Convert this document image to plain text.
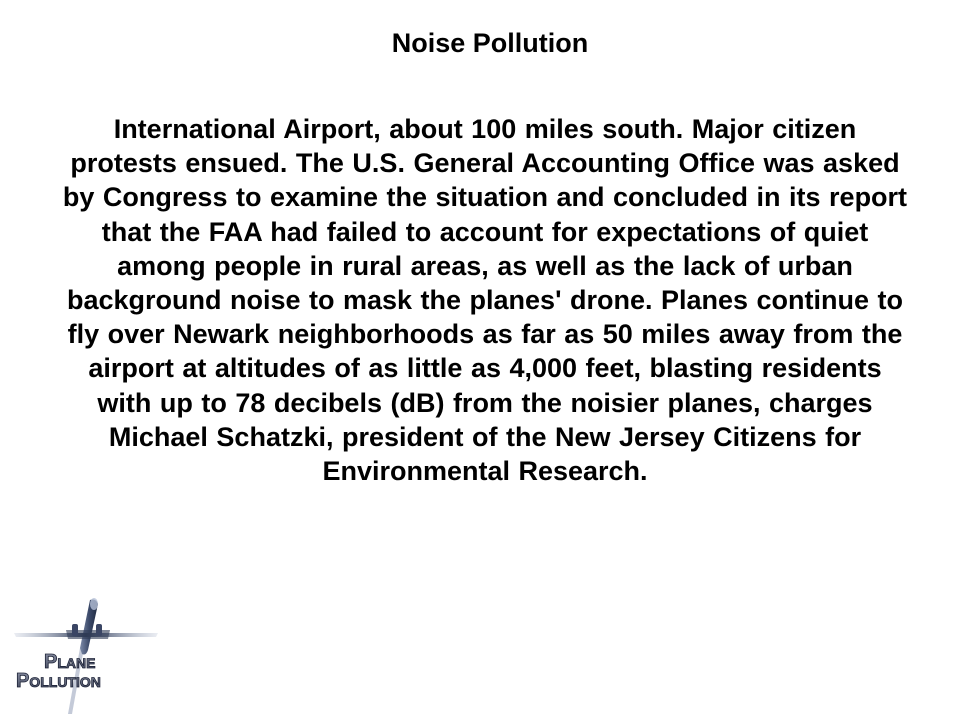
Noise Pollution

International Airport, about 100 miles south. Major citizen protests ensued. The U.S. General Accounting Office was asked by Congress to examine the situation and concluded in its report that the FAA had failed to account for expectations of quiet among people in rural areas, as well as the lack of urban background noise to mask the planes' drone. Planes continue to fly over Newark neighborhoods as far as 50 miles away from the airport at altitudes of as little as 4,000 feet, blasting residents with up to 78 decibels (dB) from the noisier planes, charges Michael Schatzki, president of the New Jersey Citizens for Environmental Research.

Plane
Pollution
